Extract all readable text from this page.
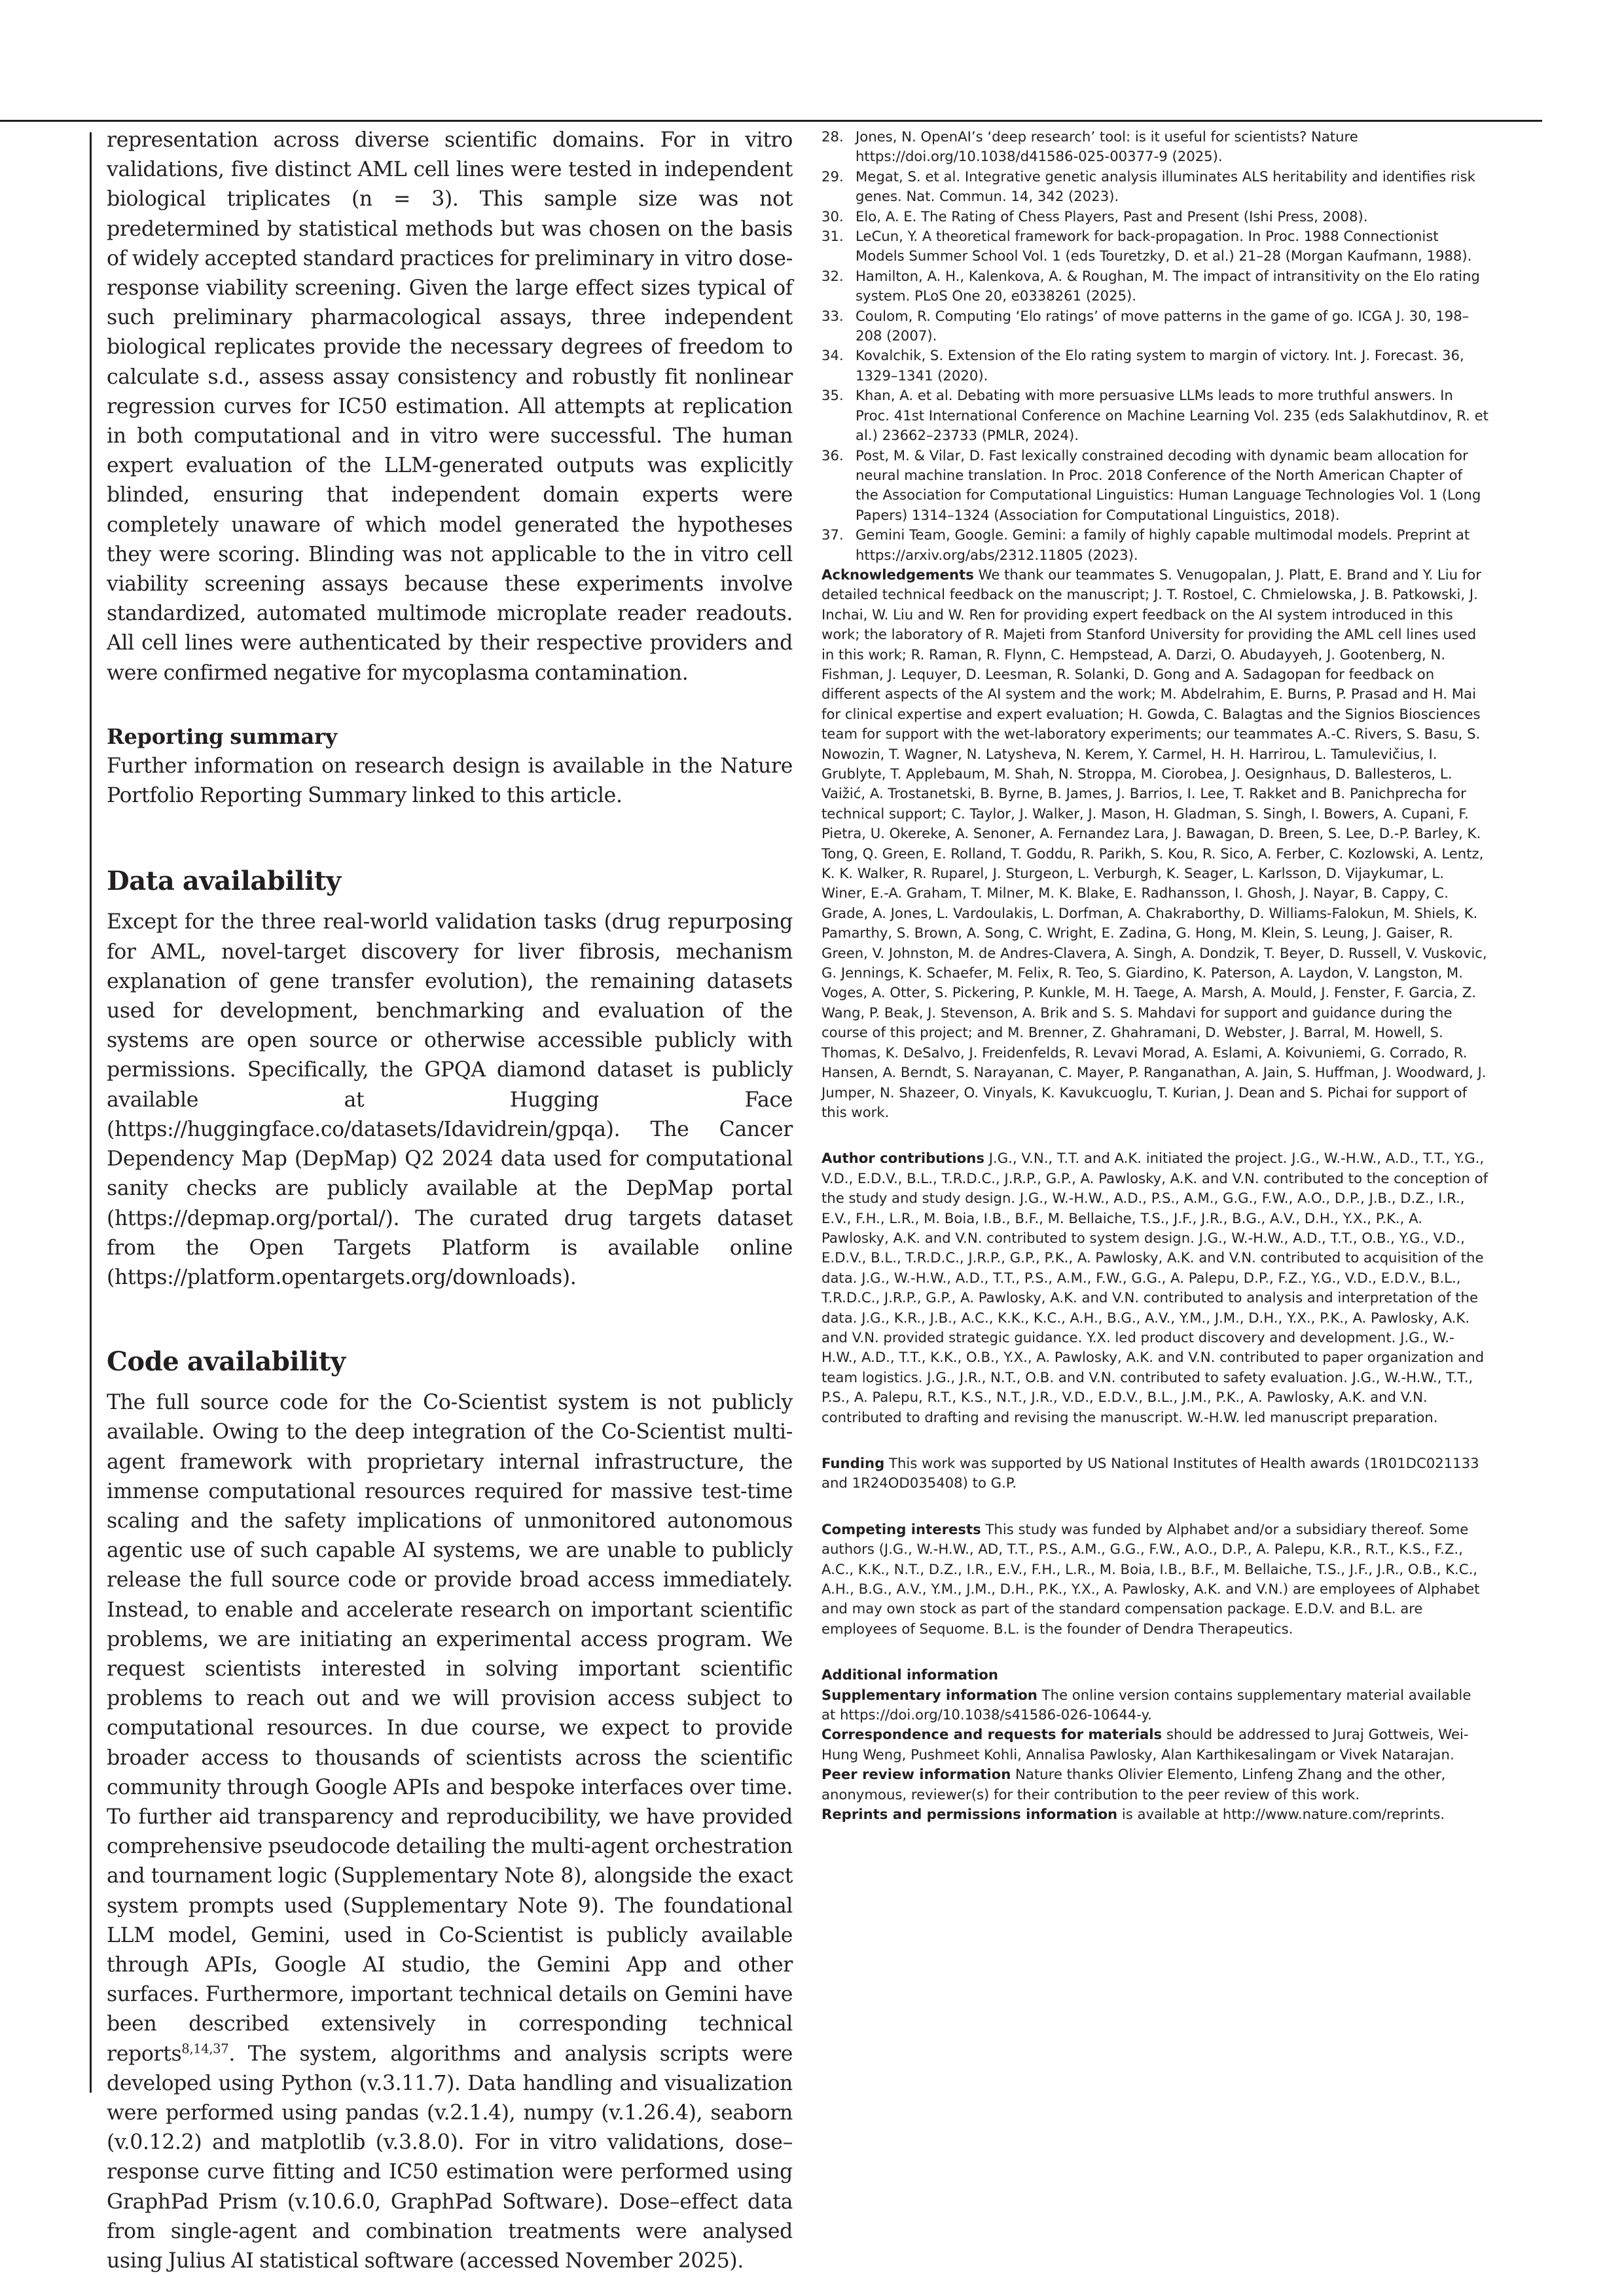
representation across diverse scientific domains. For in vitro validations, five distinct AML cell lines were tested in independent biological triplicates (n = 3). This sample size was not predetermined by statistical methods but was chosen on the basis of widely accepted standard practices for preliminary in vitro dose-response viability screening. Given the large effect sizes typical of such preliminary pharmacological assays, three independent biological replicates provide the necessary degrees of freedom to calculate s.d., assess assay consistency and robustly fit nonlinear regression curves for IC50 estimation. All attempts at replication in both computational and in vitro were successful. The human expert evaluation of the LLM-generated outputs was explicitly blinded, ensuring that independent domain experts were completely unaware of which model generated the hypotheses they were scoring. Blinding was not applicable to the in vitro cell viability screening assays because these experiments involve standardized, automated multimode microplate reader readouts. All cell lines were authenticated by their respective providers and were confirmed negative for mycoplasma contamination.

Reporting summary

Further information on research design is available in the Nature Portfolio Reporting Summary linked to this article.

Data availability

Except for the three real-world validation tasks (drug repurposing for AML, novel-target discovery for liver fibrosis, mechanism explanation of gene transfer evolution), the remaining datasets used for development, benchmarking and evaluation of the systems are open source or otherwise accessible publicly with permissions. Specifically, the GPQA diamond dataset is publicly available at Hugging Face (https://huggingface.co/datasets/Idavidrein/gpqa). The Cancer Dependency Map (DepMap) Q2 2024 data used for computational sanity checks are publicly available at the DepMap portal (https://depmap.org/portal/). The curated drug targets dataset from the Open Targets Platform is available online (https://platform.opentargets.org/downloads).

Code availability

The full source code for the Co-Scientist system is not publicly available. Owing to the deep integration of the Co-Scientist multi-agent framework with proprietary internal infrastructure, the immense computational resources required for massive test-time scaling and the safety implications of unmonitored autonomous agentic use of such capable AI systems, we are unable to publicly release the full source code or provide broad access immediately. Instead, to enable and accelerate research on important scientific problems, we are initiating an experimental access program. We request scientists interested in solving important scientific problems to reach out and we will provision access subject to computational resources. In due course, we expect to provide broader access to thousands of scientists across the scientific community through Google APIs and bespoke interfaces over time. To further aid transparency and reproducibility, we have provided comprehensive pseudocode detailing the multi-agent orchestration and tournament logic (Supplementary Note 8), alongside the exact system prompts used (Supplementary Note 9). The foundational LLM model, Gemini, used in Co-Scientist is publicly available through APIs, Google AI studio, the Gemini App and other surfaces. Furthermore, important technical details on Gemini have been described extensively in corresponding technical reports$^{8,14,37}$. The system, algorithms and analysis scripts were developed using Python (v.3.11.7). Data handling and visualization were performed using pandas (v.2.1.4), numpy (v.1.26.4), seaborn (v.0.12.2) and matplotlib (v.3.8.0). For in vitro validations, dose–response curve fitting and IC50 estimation were performed using GraphPad Prism (v.10.6.0, GraphPad Software). Dose–effect data from single-agent and combination treatments were analysed using Julius AI statistical software (accessed November 2025).

28. Jones, N. OpenAI’s ‘deep research’ tool: is it useful for scientists? Nature https://doi.org/10.1038/d41586-025-00377-9 (2025).
29. Megat, S. et al. Integrative genetic analysis illuminates ALS heritability and identifies risk genes. Nat. Commun. 14, 342 (2023).
30. Elo, A. E. The Rating of Chess Players, Past and Present (Ishi Press, 2008).
31. LeCun, Y. A theoretical framework for back-propagation. In Proc. 1988 Connectionist Models Summer School Vol. 1 (eds Touretzky, D. et al.) 21–28 (Morgan Kaufmann, 1988).
32. Hamilton, A. H., Kalenkova, A. & Roughan, M. The impact of intransitivity on the Elo rating system. PLoS One 20, e0338261 (2025).
33. Coulom, R. Computing ‘Elo ratings’ of move patterns in the game of go. ICGA J. 30, 198–208 (2007).
34. Kovalchik, S. Extension of the Elo rating system to margin of victory. Int. J. Forecast. 36, 1329–1341 (2020).
35. Khan, A. et al. Debating with more persuasive LLMs leads to more truthful answers. In Proc. 41st International Conference on Machine Learning Vol. 235 (eds Salakhutdinov, R. et al.) 23662–23733 (PMLR, 2024).
36. Post, M. & Vilar, D. Fast lexically constrained decoding with dynamic beam allocation for neural machine translation. In Proc. 2018 Conference of the North American Chapter of the Association for Computational Linguistics: Human Language Technologies Vol. 1 (Long Papers) 1314–1324 (Association for Computational Linguistics, 2018).
37. Gemini Team, Google. Gemini: a family of highly capable multimodal models. Preprint at https://arxiv.org/abs/2312.11805 (2023).

Acknowledgements We thank our teammates S. Venugopalan, J. Platt, E. Brand and Y. Liu for detailed technical feedback on the manuscript; J. T. Rostoel, C. Chmielowska, J. B. Patkowski, J. Inchai, W. Liu and W. Ren for providing expert feedback on the AI system introduced in this work; the laboratory of R. Majeti from Stanford University for providing the AML cell lines used in this work; R. Raman, R. Flynn, C. Hempstead, A. Darzi, O. Abudayyeh, J. Gootenberg, N. Fishman, J. Lequyer, D. Leesman, R. Solanki, D. Gong and A. Sadagopan for feedback on different aspects of the AI system and the work; M. Abdelrahim, E. Burns, P. Prasad and H. Mai for clinical expertise and expert evaluation; H. Gowda, C. Balagtas and the Signios Biosciences team for support with the wet-laboratory experiments; our teammates A.-C. Rivers, S. Basu, S. Nowozin, T. Wagner, N. Latysheva, N. Kerem, Y. Carmel, H. H. Harrirou, L. Tamulevičius, I. Grublyte, T. Applebaum, M. Shah, N. Stroppa, M. Ciorobea, J. Oesignhaus, D. Ballesteros, L. Vaižić, A. Trostanetski, B. Byrne, B. James, J. Barrios, I. Lee, T. Rakket and B. Panichprecha for technical support; C. Taylor, J. Walker, J. Mason, H. Gladman, S. Singh, I. Bowers, A. Cupani, F. Pietra, U. Okereke, A. Senoner, A. Fernandez Lara, J. Bawagan, D. Breen, S. Lee, D.-P. Barley, K. Tong, Q. Green, E. Rolland, T. Goddu, R. Parikh, S. Kou, R. Sico, A. Ferber, C. Kozlowski, A. Lentz, K. K. Walker, R. Ruparel, J. Sturgeon, L. Verburgh, K. Seager, L. Karlsson, D. Vijaykumar, L. Winer, E.-A. Graham, T. Milner, M. K. Blake, E. Radhansson, I. Ghosh, J. Nayar, B. Cappy, C. Grade, A. Jones, L. Vardoulakis, L. Dorfman, A. Chakraborthy, D. Williams-Falokun, M. Shiels, K. Pamarthy, S. Brown, A. Song, C. Wright, E. Zadina, G. Hong, M. Klein, S. Leung, J. Gaiser, R. Green, V. Johnston, M. de Andres-Clavera, A. Singh, A. Dondzik, T. Beyer, D. Russell, V. Vuskovic, G. Jennings, K. Schaefer, M. Felix, R. Teo, S. Giardino, K. Paterson, A. Laydon, V. Langston, M. Voges, A. Otter, S. Pickering, P. Kunkle, M. H. Taege, A. Marsh, A. Mould, J. Fenster, F. Garcia, Z. Wang, P. Beak, J. Stevenson, A. Brik and S. S. Mahdavi for support and guidance during the course of this project; and M. Brenner, Z. Ghahramani, D. Webster, J. Barral, M. Howell, S. Thomas, K. DeSalvo, J. Freidenfelds, R. Levavi Morad, A. Eslami, A. Koivuniemi, G. Corrado, R. Hansen, A. Berndt, S. Narayanan, C. Mayer, P. Ranganathan, A. Jain, S. Huffman, J. Woodward, J. Jumper, N. Shazeer, O. Vinyals, K. Kavukcuoglu, T. Kurian, J. Dean and S. Pichai for support of this work.

Author contributions J.G., V.N., T.T. and A.K. initiated the project. J.G., W.-H.W., A.D., T.T., Y.G., V.D., E.D.V., B.L., T.R.D.C., J.R.P., G.P., A. Pawlosky, A.K. and V.N. contributed to the conception of the study and study design. J.G., W.-H.W., A.D., P.S., A.M., G.G., F.W., A.O., D.P., J.B., D.Z., I.R., E.V., F.H., L.R., M. Boia, I.B., B.F., M. Bellaiche, T.S., J.F., J.R., B.G., A.V., D.H., Y.X., P.K., A. Pawlosky, A.K. and V.N. contributed to system design. J.G., W.-H.W., A.D., T.T., O.B., Y.G., V.D., E.D.V., B.L., T.R.D.C., J.R.P., G.P., P.K., A. Pawlosky, A.K. and V.N. contributed to acquisition of the data. J.G., W.-H.W., A.D., T.T., P.S., A.M., F.W., G.G., A. Palepu, D.P., F.Z., Y.G., V.D., E.D.V., B.L., T.R.D.C., J.R.P., G.P., A. Pawlosky, A.K. and V.N. contributed to analysis and interpretation of the data. J.G., K.R., J.B., A.C., K.K., K.C., A.H., B.G., A.V., Y.M., J.M., D.H., Y.X., P.K., A. Pawlosky, A.K. and V.N. provided strategic guidance. Y.X. led product discovery and development. J.G., W.-H.W., A.D., T.T., K.K., O.B., Y.X., A. Pawlosky, A.K. and V.N. contributed to paper organization and team logistics. J.G., J.R., N.T., O.B. and V.N. contributed to safety evaluation. J.G., W.-H.W., T.T., P.S., A. Palepu, R.T., K.S., N.T., J.R., V.D., E.D.V., B.L., J.M., P.K., A. Pawlosky, A.K. and V.N. contributed to drafting and revising the manuscript. W.-H.W. led manuscript preparation.

Funding This work was supported by US National Institutes of Health awards (1R01DC021133 and 1R24OD035408) to G.P.

Competing interests This study was funded by Alphabet and/or a subsidiary thereof. Some authors (J.G., W.-H.W., AD, T.T., P.S., A.M., G.G., F.W., A.O., D.P., A. Palepu, K.R., R.T., K.S., F.Z., A.C., K.K., N.T., D.Z., I.R., E.V., F.H., L.R., M. Boia, I.B., B.F., M. Bellaiche, T.S., J.F., J.R., O.B., K.C., A.H., B.G., A.V., Y.M., J.M., D.H., P.K., Y.X., A. Pawlosky, A.K. and V.N.) are employees of Alphabet and may own stock as part of the standard compensation package. E.D.V. and B.L. are employees of Sequome. B.L. is the founder of Dendra Therapeutics.

Additional information

Supplementary information The online version contains supplementary material available at https://doi.org/10.1038/s41586-026-10644-y.

Correspondence and requests for materials should be addressed to Juraj Gottweis, Wei-Hung Weng, Pushmeet Kohli, Annalisa Pawlosky, Alan Karthikesalingam or Vivek Natarajan.

Peer review information Nature thanks Olivier Elemento, Linfeng Zhang and the other, anonymous, reviewer(s) for their contribution to the peer review of this work.

Reprints and permissions information is available at http://www.nature.com/reprints.
